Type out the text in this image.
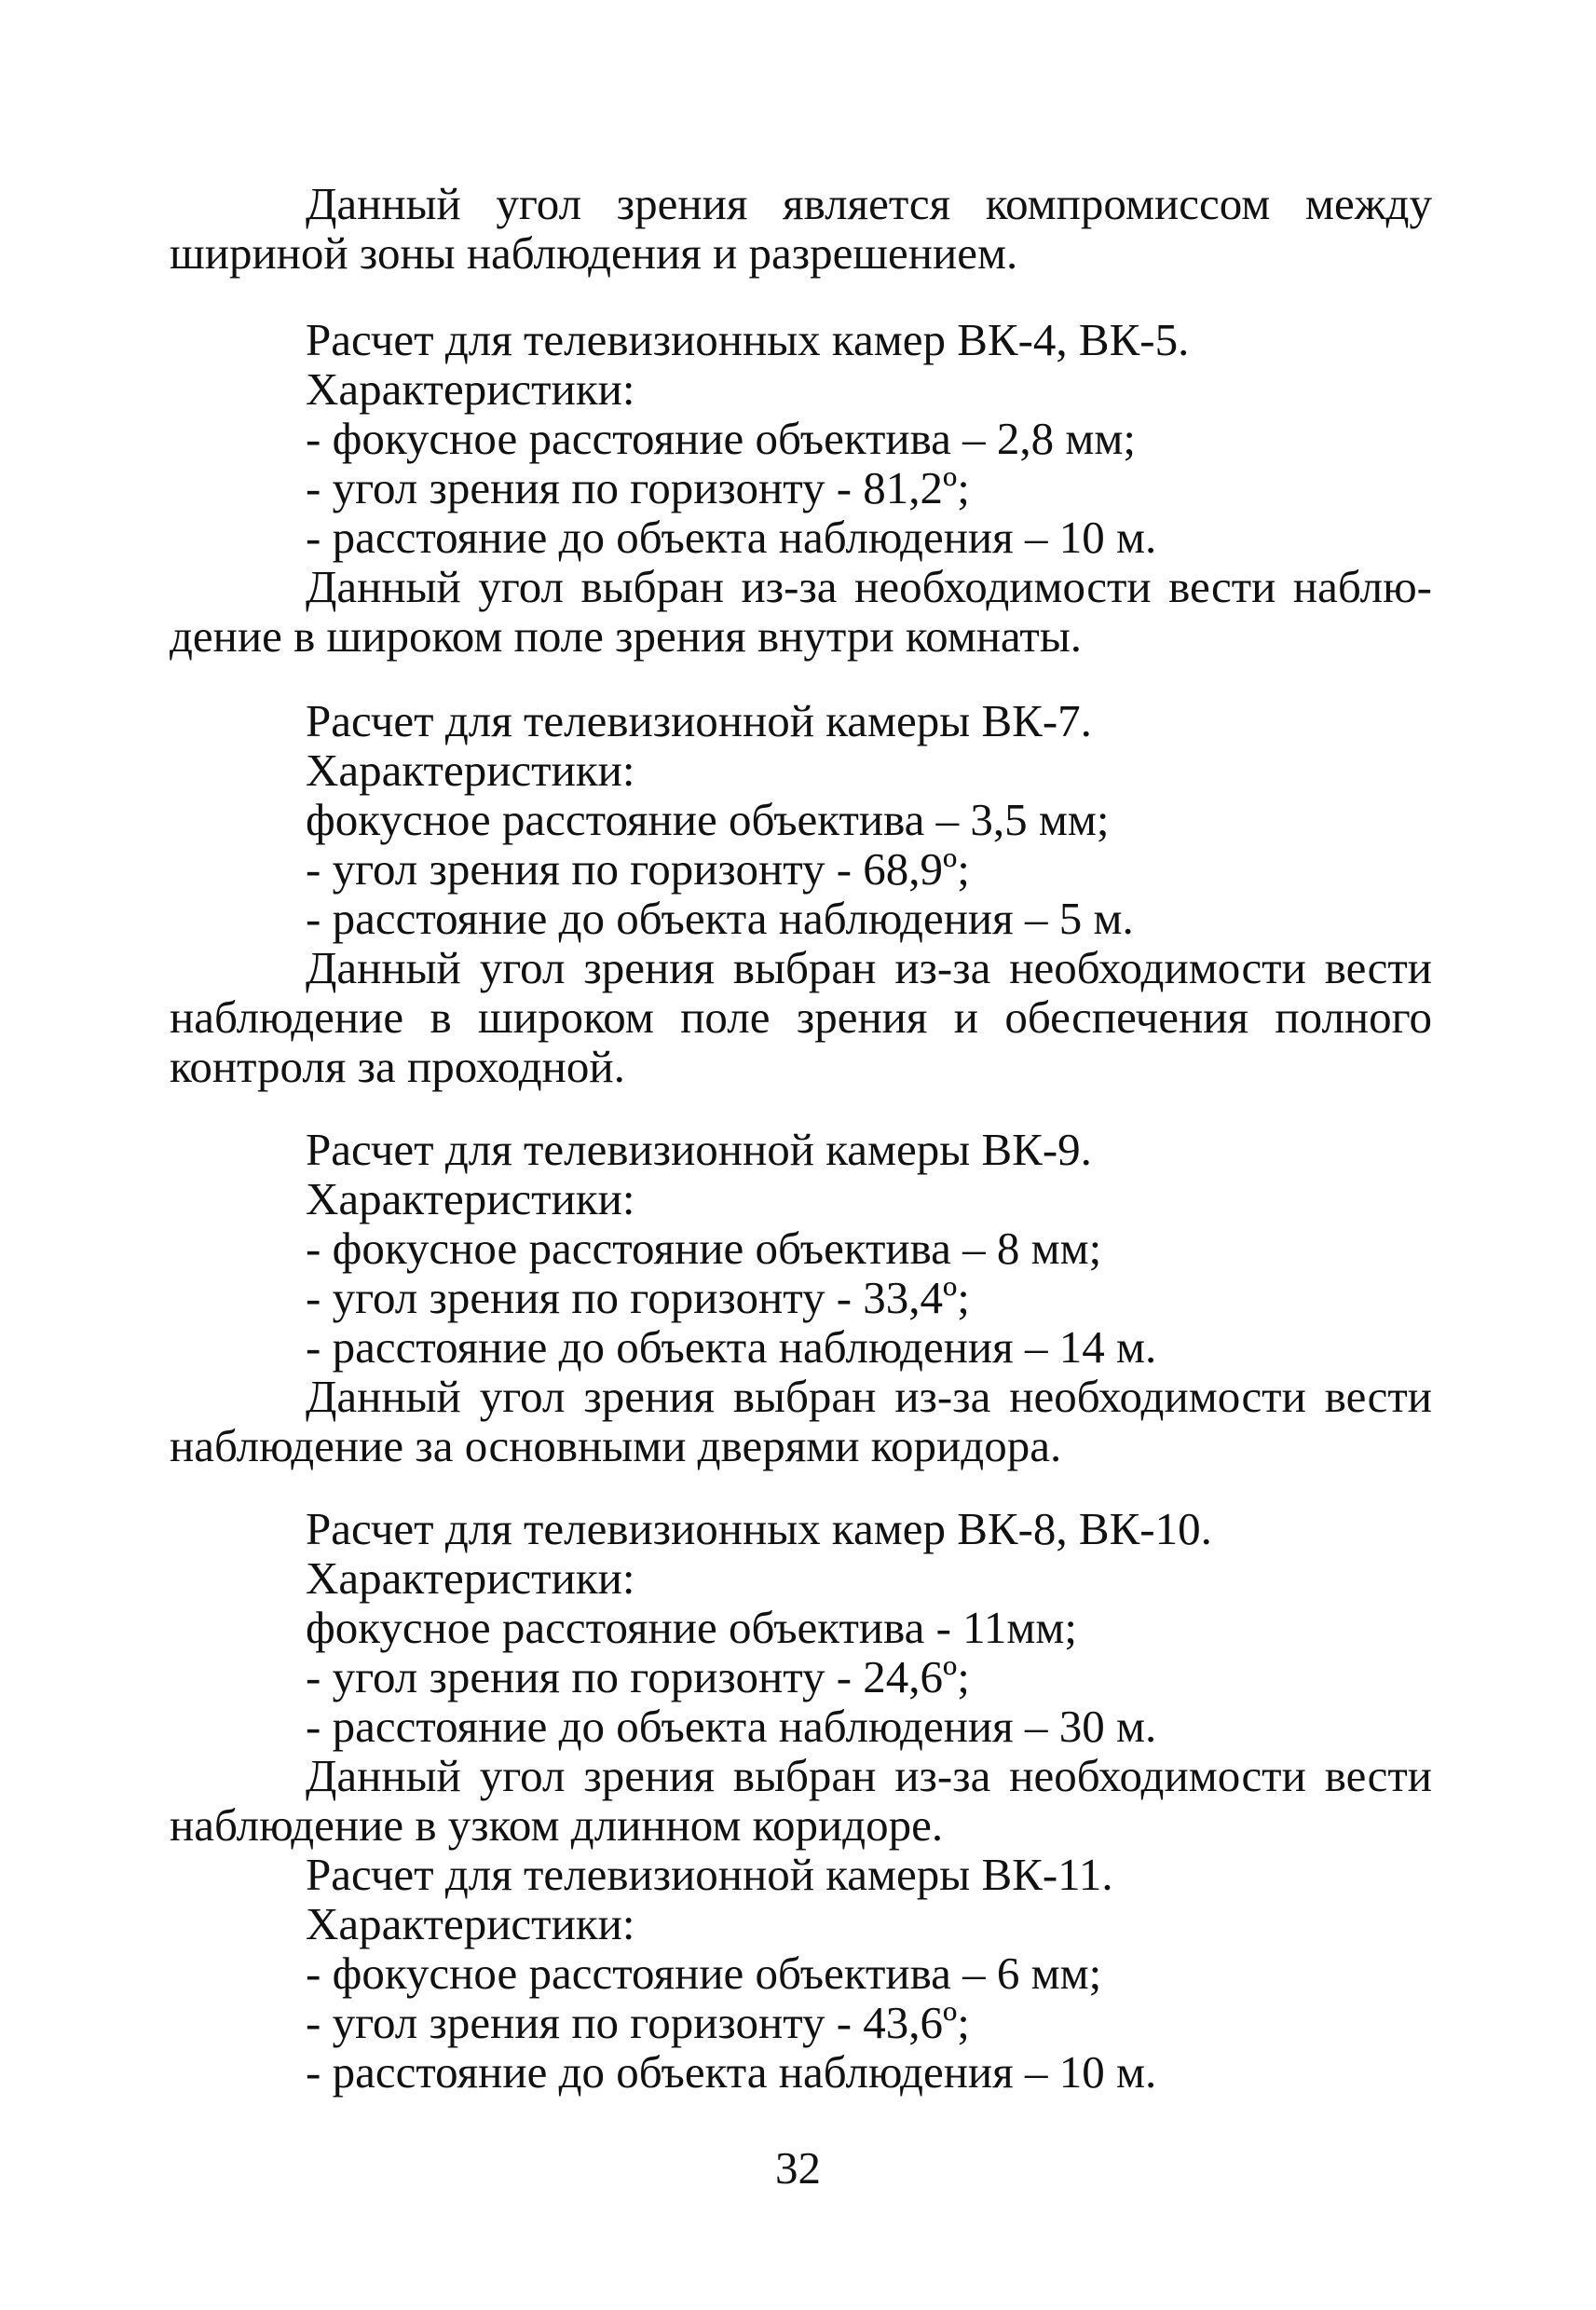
Данный угол зрения является компромиссом между
шириной зоны наблюдения и разрешением.
Расчет для телевизионных камер ВК-4, ВК-5.
Характеристики:
- фокусное расстояние объектива – 2,8 мм;
- угол зрения по горизонту - 81,2º;
- расстояние до объекта наблюдения – 10 м.
Данный угол выбран из-за необходимости вести наблю-
дение в широком поле зрения внутри комнаты.
Расчет для телевизионной камеры ВК-7.
Характеристики:
фокусное расстояние объектива – 3,5 мм;
- угол зрения по горизонту - 68,9º;
- расстояние до объекта наблюдения – 5 м.
Данный угол зрения выбран из-за необходимости вести
наблюдение в широком поле зрения и обеспечения полного
контроля за проходной.
Расчет для телевизионной камеры ВК-9.
Характеристики:
- фокусное расстояние объектива – 8 мм;
- угол зрения по горизонту - 33,4º;
- расстояние до объекта наблюдения – 14 м.
Данный угол зрения выбран из-за необходимости вести
наблюдение за основными дверями коридора.
Расчет для телевизионных камер ВК-8, ВК-10.
Характеристики:
фокусное расстояние объектива - 11мм;
- угол зрения по горизонту - 24,6º;
- расстояние до объекта наблюдения – 30 м.
Данный угол зрения выбран из-за необходимости вести
наблюдение в узком длинном коридоре.
Расчет для телевизионной камеры ВК-11.
Характеристики:
- фокусное расстояние объектива – 6 мм;
- угол зрения по горизонту - 43,6º;
- расстояние до объекта наблюдения – 10 м.
32
